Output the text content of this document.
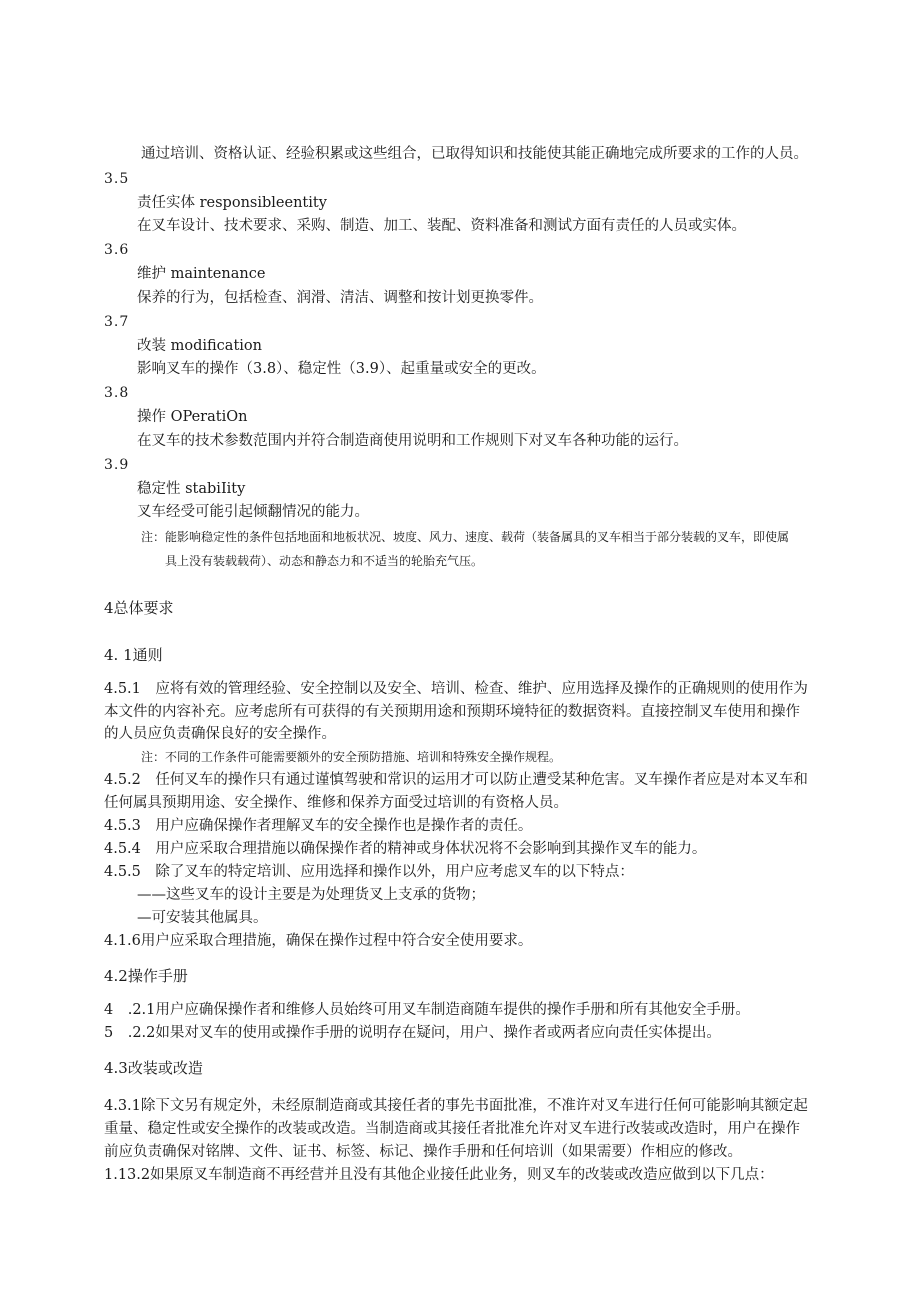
通过培训、资格认证、经验积累或这些组合，已取得知识和技能使其能正确地完成所要求的工作的人员。
3.5
责任实体 responsibleentity
在叉车设计、技术要求、采购、制造、加工、装配、资料准备和测试方面有责任的人员或实体。
3.6
维护 maintenance
保养的行为，包括检查、润滑、清洁、调整和按计划更换零件。
3.7
改装 modification
影响叉车的操作（3.8）、稳定性（3.9）、起重量或安全的更改。
3.8
操作 OPeratiOn
在叉车的技术参数范围内并符合制造商使用说明和工作规则下对叉车各种功能的运行。
3.9
稳定性 stabiIity
叉车经受可能引起倾翻情况的能力。
注：能影响稳定性的条件包括地面和地板状况、坡度、风力、速度、载荷（装备属具的叉车相当于部分装载的叉车，即使属
具上没有装载载荷）、动态和静态力和不适当的轮胎充气压。
4总体要求
4. 1通则
4.5.1　应将有效的管理经验、安全控制以及安全、培训、检查、维护、应用选择及操作的正确规则的使用作为
本文件的内容补充。应考虑所有可获得的有关预期用途和预期环境特征的数据资料。直接控制叉车使用和操作
的人员应负责确保良好的安全操作。
注：不同的工作条件可能需要额外的安全预防措施、培训和特殊安全操作规程。
4.5.2　任何叉车的操作只有通过谨慎驾驶和常识的运用才可以防止遭受某种危害。叉车操作者应是对本叉车和
任何属具预期用途、安全操作、维修和保养方面受过培训的有资格人员。
4.5.3　用户应确保操作者理解叉车的安全操作也是操作者的责任。
4.5.4　用户应采取合理措施以确保操作者的精神或身体状况将不会影响到其操作叉车的能力。
4.5.5　除了叉车的特定培训、应用选择和操作以外，用户应考虑叉车的以下特点：
——这些叉车的设计主要是为处理货叉上支承的货物；
—可安装其他属具。
4.1.6用户应采取合理措施，确保在操作过程中符合安全使用要求。
4.2操作手册
4　.2.1用户应确保操作者和维修人员始终可用叉车制造商随车提供的操作手册和所有其他安全手册。
5　.2.2如果对叉车的使用或操作手册的说明存在疑问，用户、操作者或两者应向责任实体提出。
4.3改装或改造
4.3.1除下文另有规定外，未经原制造商或其接任者的事先书面批准，不准许对叉车进行任何可能影响其额定起
重量、稳定性或安全操作的改装或改造。当制造商或其接任者批准允许对叉车进行改装或改造时，用户在操作
前应负责确保对铭牌、文件、证书、标签、标记、操作手册和任何培训（如果需要）作相应的修改。
1.13.2如果原叉车制造商不再经营并且没有其他企业接任此业务，则叉车的改装或改造应做到以下几点：
